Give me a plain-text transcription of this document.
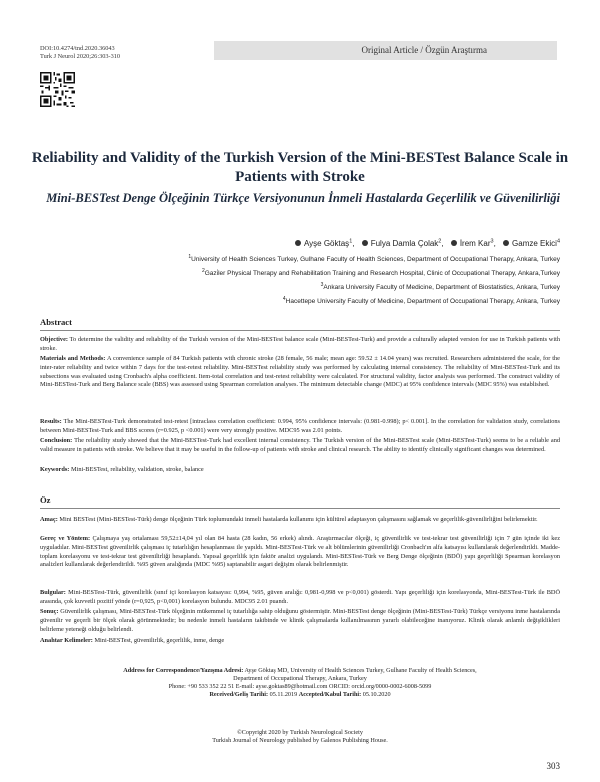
DOI:10.4274/tnd.2020.36043
Turk J Neurol 2020;26:303-310
Original Article / Özgün Araştırma
Reliability and Validity of the Turkish Version of the Mini-BESTest Balance Scale in Patients with Stroke
Mini-BESTest Denge Ölçeğinin Türkçe Versiyonunun İnmeli Hastalarda Geçerlilik ve Güvenilirliği
Ayşe Göktaş$^1$, Fulya Damla Çolak$^2$, İrem Kar$^3$, Gamze Ekici$^4$
$^1$University of Health Sciences Turkey, Gulhane Faculty of Health Sciences, Department of Occupational Therapy, Ankara, Turkey
$^2$Gazi̇ler Physical Therapy and Rehabilitation Training and Research Hospital, Clinic of Occupational Therapy, Ankara,Turkey
$^3$Ankara University Faculty of Medicine, Department of Biostatistics, Ankara, Turkey
$^4$Hacettepe University Faculty of Medicine, Department of Occupational Therapy, Ankara, Turkey
Abstract

Objective: To determine the validity and reliability of the Turkish version of the Mini-BESTest balance scale (Mini-BESTest-Turk) and provide a culturally adapted version for use in Turkish patients with stroke.

Materials and Methods: A convenience sample of 84 Turkish patients with chronic stroke (28 female, 56 male; mean age: 59.52 ± 14.04 years) was recruited. Researchers administered the scale, for the inter-rater reliability and twice within 7 days for the test-retest reliability. Mini-BESTest reliability study was performed by calculating internal consistency. The reliability of Mini-BESTest-Turk and its subsections was evaluated using Cronbach's alpha coefficient. Item-total correlation and test-retest reliability were calculated. For structural validity, factor analysis was performed. The construct validity of Mini-BESTest-Turk and Berg Balance scale (BBS) was assessed using Spearman correlation analyses. The minimum detectable change (MDC) at 95% confidence intervals (MDC 95%) was established.

Results: The Mini-BESTest-Turk demonstrated test-retest [intraclass correlation coefficient: 0.994, 95% confidence intervals: (0.981-0.998); p< 0.001]. In the correlation for validation study, correlations between Mini-BESTest-Turk and BBS scores (r=0.925, p <0.001) were very strongly positive. MDC95 was 2.01 points.

Conclusion: The reliability study showed that the Mini-BESTest-Turk had excellent internal consistency. The Turkish version of the Mini-BESTest scale (Mini-BESTest-Turk) seems to be a reliable and valid measure in patients with stroke. We believe that it may be useful in the follow-up of patients with stroke and clinical research. The ability to identify clinically significant changes was determined.

Keywords: Mini-BESTest, reliability, validation, stroke, balance

Öz

Amaç: Mini BESTest (Mini-BESTest-Türk) denge ölçeğinin Türk toplumundaki inmeli hastalarda kullanımı için kültürel adaptasyon çalışmasını sağlamak ve geçerlilik-güvenilirliğini belirlemektir.

Gereç ve Yöntem: Çalışmaya yaş ortalaması 59,52±14,04 yıl olan 84 hasta (28 kadın, 56 erkek) alındı. Araştırmacılar ölçeği, iç güvenilirlik ve test-tekrar test güvenilirliği için 7 gün içinde iki kez uyguladılar. Mini-BESTest güvenilirlik çalışması iç tutarlılığın hesaplanması ile yapıldı. Mini-BESTest-Türk ve alt bölümlerinin güvenilirliği Cronbach'ın alfa katsayısı kullanılarak değerlendirildi. Madde-toplam korelasyonu ve test-tekrar test güvenilirliği hesaplandı. Yapısal geçerlilik için faktör analizi uygulandı. Mini-BESTest-Türk ve Berg Denge ölçeğinin (BDÖ) yapı geçerliliği Spearman korelasyon analizleri kullanılarak değerlendirildi. %95 güven aralığında (MDC %95) saptanabilir asgari değişim olarak belirlenmiştir.

Bulgular: Mini-BESTest-Türk, güvenilirlik (sınıf içi korelasyon katsayısı: 0,994, %95, güven aralığı: 0,981-0,998 ve p<0,001) gösterdi. Yapı geçerliliği için korelasyonda, Mini-BESTest-Türk ile BDÖ arasında, çok kuvvetli pozitif yönde (r=0,925, p<0,001) korelasyon bulundu. MDC95 2.01 puandı.

Sonuç: Güvenilirlik çalışması, Mini-BESTest-Türk ölçeğinin mükemmel iç tutarlılığa sahip olduğunu göstermiştir. Mini-BESTest denge ölçeğinin (Mini-BESTest-Türk) Türkçe versiyonu inme hastalarında güvenilir ve geçerli bir ölçek olarak görünmektedir; bu nedenle inmeli hastaların takibinde ve klinik çalışmalarda kullanılmasının yararlı olabileceğine inanıyoruz. Klinik olarak anlamlı değişiklikleri belirleme yeteneği olduğu belirlendi.

Anahtar Kelimeler: Mini-BESTest, güvenilirlik, geçerlilik, inme, denge

Address for Correspondence/Yazışma Adresi: Ayşe Göktaş MD, University of Health Sciences Turkey, Gulhane Faculty of Health Sciences,
Department of Occupational Therapy, Ankara, Turkey
Phone: +90 533 352 22 51 E-mail: ayse.goktas89@hotmail.com ORCID: orcid.org/0000-0002-6008-5099
Received/Geliş Tarihi: 05.11.2019 Accepted/Kabul Tarihi: 05.10.2020
©Copyright 2020 by Turkish Neurological Society
Turkish Journal of Neurology published by Galenos Publishing House.
303
